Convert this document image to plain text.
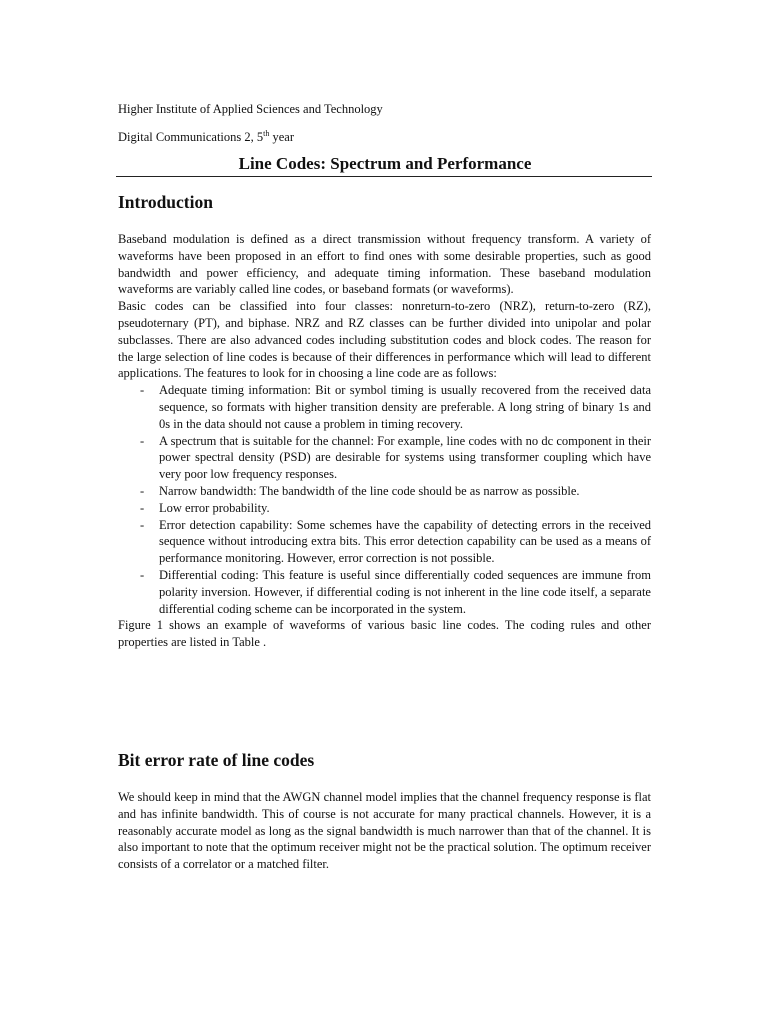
Higher Institute of Applied Sciences and Technology
Digital Communications 2, 5th year
Line Codes: Spectrum and Performance
Introduction

Baseband modulation is defined as a direct transmission without frequency transform. A variety of waveforms have been proposed in an effort to find ones with some desirable properties, such as good bandwidth and power efficiency, and adequate timing information. These baseband modulation waveforms are variably called line codes, or baseband formats (or waveforms).

Basic codes can be classified into four classes: nonreturn-to-zero (NRZ), return-to-zero (RZ), pseudoternary (PT), and biphase. NRZ and RZ classes can be further divided into unipolar and polar subclasses. There are also advanced codes including substitution codes and block codes. The reason for the large selection of line codes is because of their differences in performance which will lead to different applications. The features to look for in choosing a line code are as follows:

- Adequate timing information: Bit or symbol timing is usually recovered from the received data sequence, so formats with higher transition density are preferable. A long string of binary 1s and 0s in the data should not cause a problem in timing recovery.
- A spectrum that is suitable for the channel: For example, line codes with no dc component in their power spectral density (PSD) are desirable for systems using transformer coupling which have very poor low frequency responses.
- Narrow bandwidth: The bandwidth of the line code should be as narrow as possible.
- Low error probability.
- Error detection capability: Some schemes have the capability of detecting errors in the received sequence without introducing extra bits. This error detection capability can be used as a means of performance monitoring. However, error correction is not possible.
- Differential coding: This feature is useful since differentially coded sequences are immune from polarity inversion. However, if differential coding is not inherent in the line code itself, a separate differential coding scheme can be incorporated in the system.

Figure 1 shows an example of waveforms of various basic line codes. The coding rules and other properties are listed in Table .

Bit error rate of line codes

We should keep in mind that the AWGN channel model implies that the channel frequency response is flat and has infinite bandwidth. This of course is not accurate for many practical channels. However, it is a reasonably accurate model as long as the signal bandwidth is much narrower than that of the channel. It is also important to note that the optimum receiver might not be the practical solution. The optimum receiver consists of a correlator or a matched filter.
